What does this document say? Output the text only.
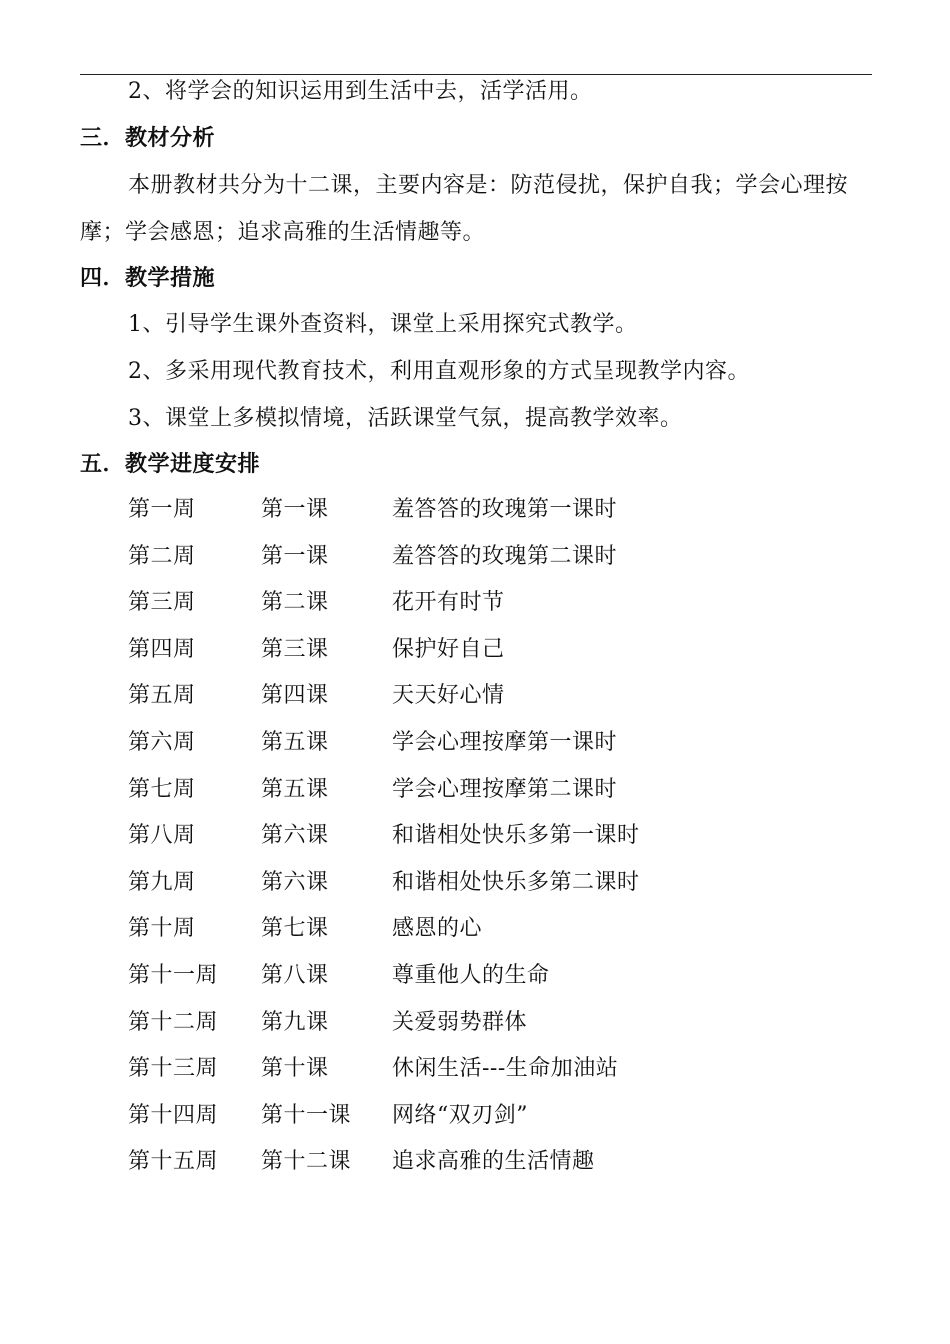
2、将学会的知识运用到生活中去，活学活用。
三．教材分析
本册教材共分为十二课，主要内容是：防范侵扰，保护自我；学会心理按摩；学会感恩；追求高雅的生活情趣等。
四．教学措施
1、引导学生课外查资料，课堂上采用探究式教学。
2、多采用现代教育技术，利用直观形象的方式呈现教学内容。
3、课堂上多模拟情境，活跃课堂气氛，提高教学效率。
五．教学进度安排
第一周	第一课	羞答答的玫瑰第一课时
第二周	第一课	羞答答的玫瑰第二课时
第三周	第二课	花开有时节
第四周	第三课	保护好自己
第五周	第四课	天天好心情
第六周	第五课	学会心理按摩第一课时
第七周	第五课	学会心理按摩第二课时
第八周	第六课	和谐相处快乐多第一课时
第九周	第六课	和谐相处快乐多第二课时
第十周	第七课	感恩的心
第十一周 第八课	尊重他人的生命
第十二周 第九课	关爱弱势群体
第十三周 第十课	休闲生活---生命加油站
第十四周 第十一课 网络“双刃剑”
第十五周 第十二课 追求高雅的生活情趣
